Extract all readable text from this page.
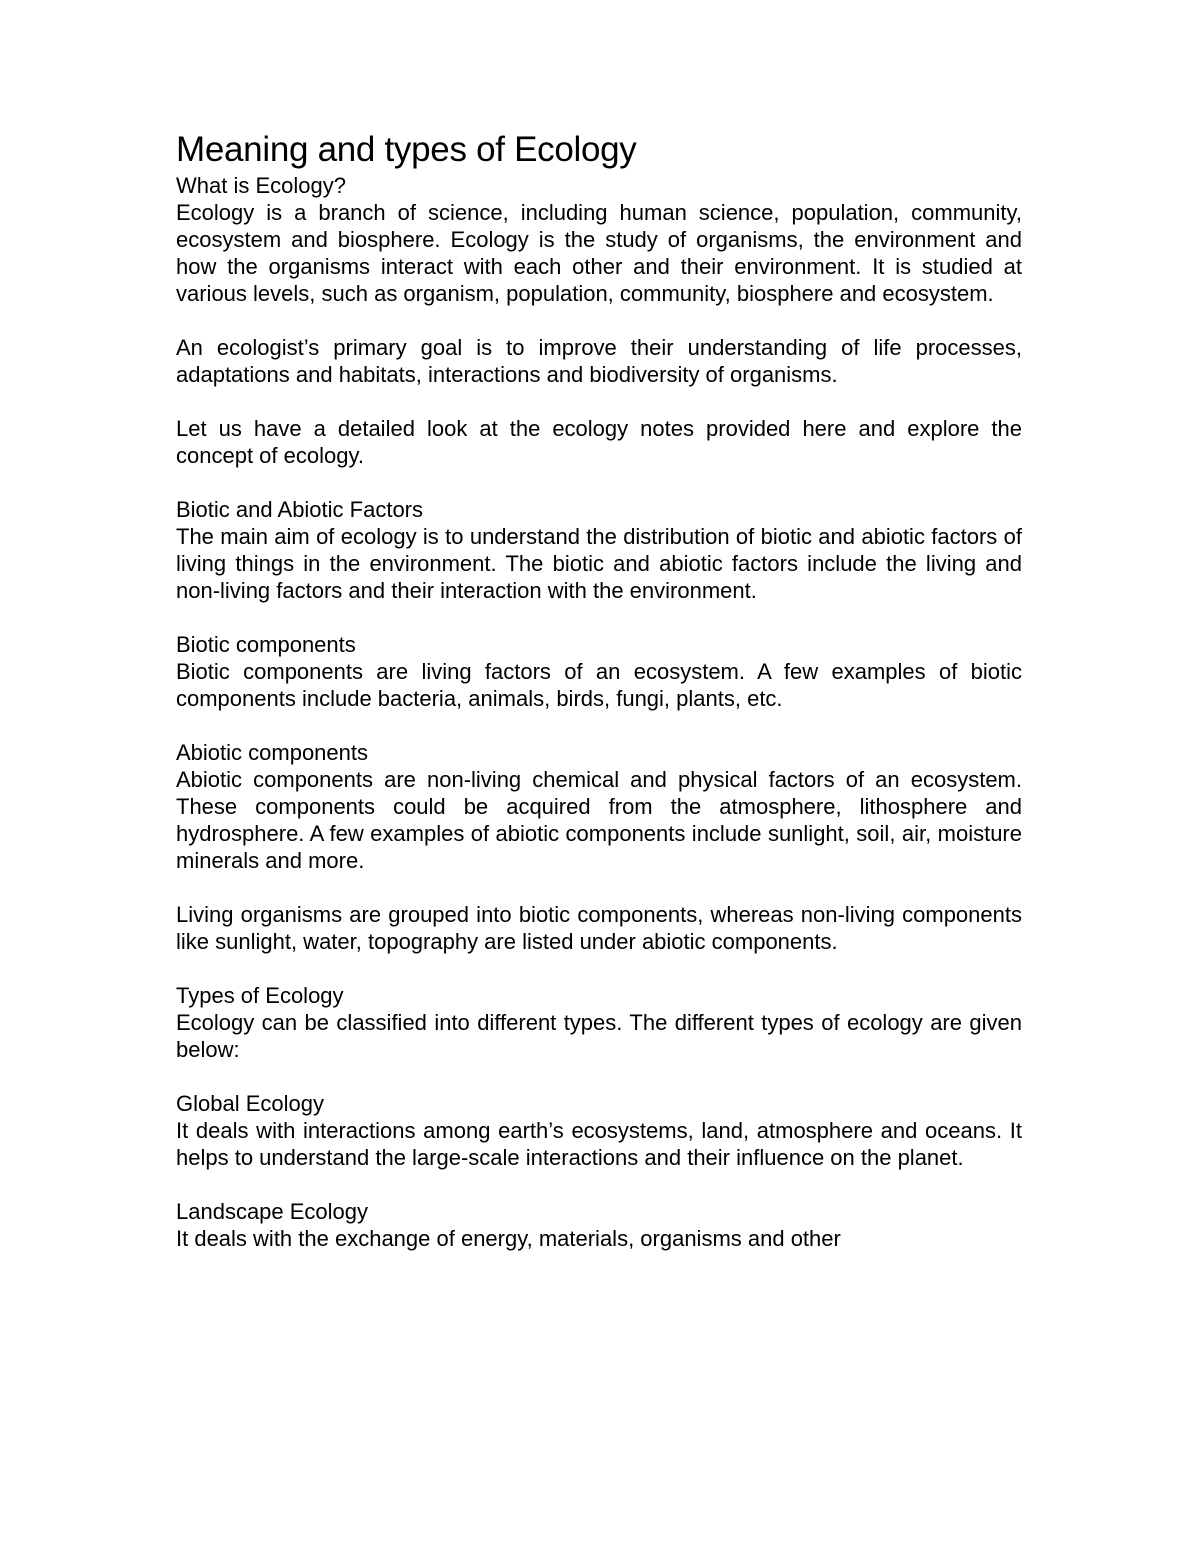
Meaning and types of Ecology

What is Ecology?

Ecology is a branch of science, including human science, population, community, ecosystem and biosphere. Ecology is the study of organisms, the environment and how the organisms interact with each other and their environment. It is studied at various levels, such as organism, population, community, biosphere and ecosystem.

An ecologist’s primary goal is to improve their understanding of life processes, adaptations and habitats, interactions and biodiversity of organisms.

Let us have a detailed look at the ecology notes provided here and explore the concept of ecology.

Biotic and Abiotic Factors

The main aim of ecology is to understand the distribution of biotic and abiotic factors of living things in the environment. The biotic and abiotic factors include the living and non-living factors and their interaction with the environment.

Biotic components

Biotic components are living factors of an ecosystem. A few examples of biotic components include bacteria, animals, birds, fungi, plants, etc.

Abiotic components

Abiotic components are non-living chemical and physical factors of an ecosystem. These components could be acquired from the atmosphere, lithosphere and hydrosphere. A few examples of abiotic components include sunlight, soil, air, moisture minerals and more.

Living organisms are grouped into biotic components, whereas non-living components like sunlight, water, topography are listed under abiotic components.

Types of Ecology

Ecology can be classified into different types. The different types of ecology are given below:

Global Ecology

It deals with interactions among earth’s ecosystems, land, atmosphere and oceans. It helps to understand the large-scale interactions and their influence on the planet.

Landscape Ecology

It deals with the exchange of energy, materials, organisms and other
